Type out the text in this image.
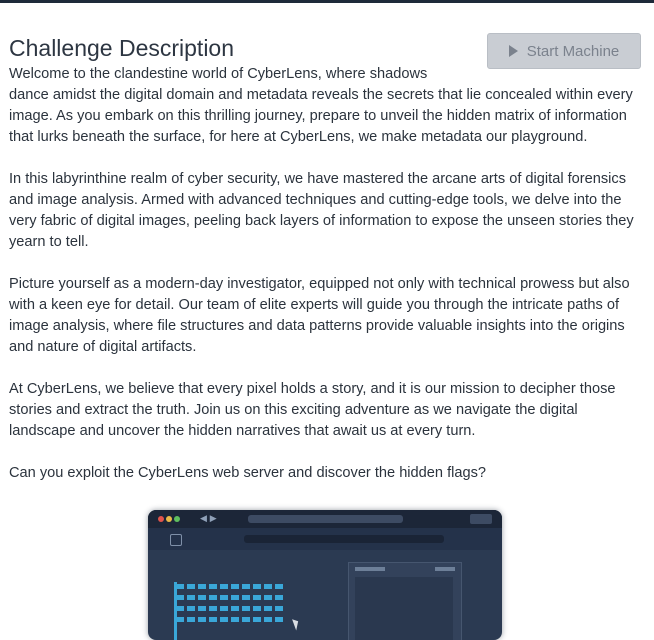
Challenge Description	Start Machine

Welcome to the clandestine world of CyberLens, where shadows dance amidst the digital domain and metadata reveals the secrets that lie concealed within every image. As you embark on this thrilling journey, prepare to unveil the hidden matrix of information that lurks beneath the surface, for here at CyberLens, we make metadata our playground.

In this labyrinthine realm of cyber security, we have mastered the arcane arts of digital forensics and image analysis. Armed with advanced techniques and cutting-edge tools, we delve into the very fabric of digital images, peeling back layers of information to expose the unseen stories they yearn to tell.

Picture yourself as a modern-day investigator, equipped not only with technical prowess but also with a keen eye for detail. Our team of elite experts will guide you through the intricate paths of image analysis, where file structures and data patterns provide valuable insights into the origins and nature of digital artifacts.

At CyberLens, we believe that every pixel holds a story, and it is our mission to decipher those stories and extract the truth. Join us on this exciting adventure as we navigate the digital landscape and uncover the hidden narratives that await us at every turn.

Can you exploit the CyberLens web server and discover the hidden flags?

◀ ▶
